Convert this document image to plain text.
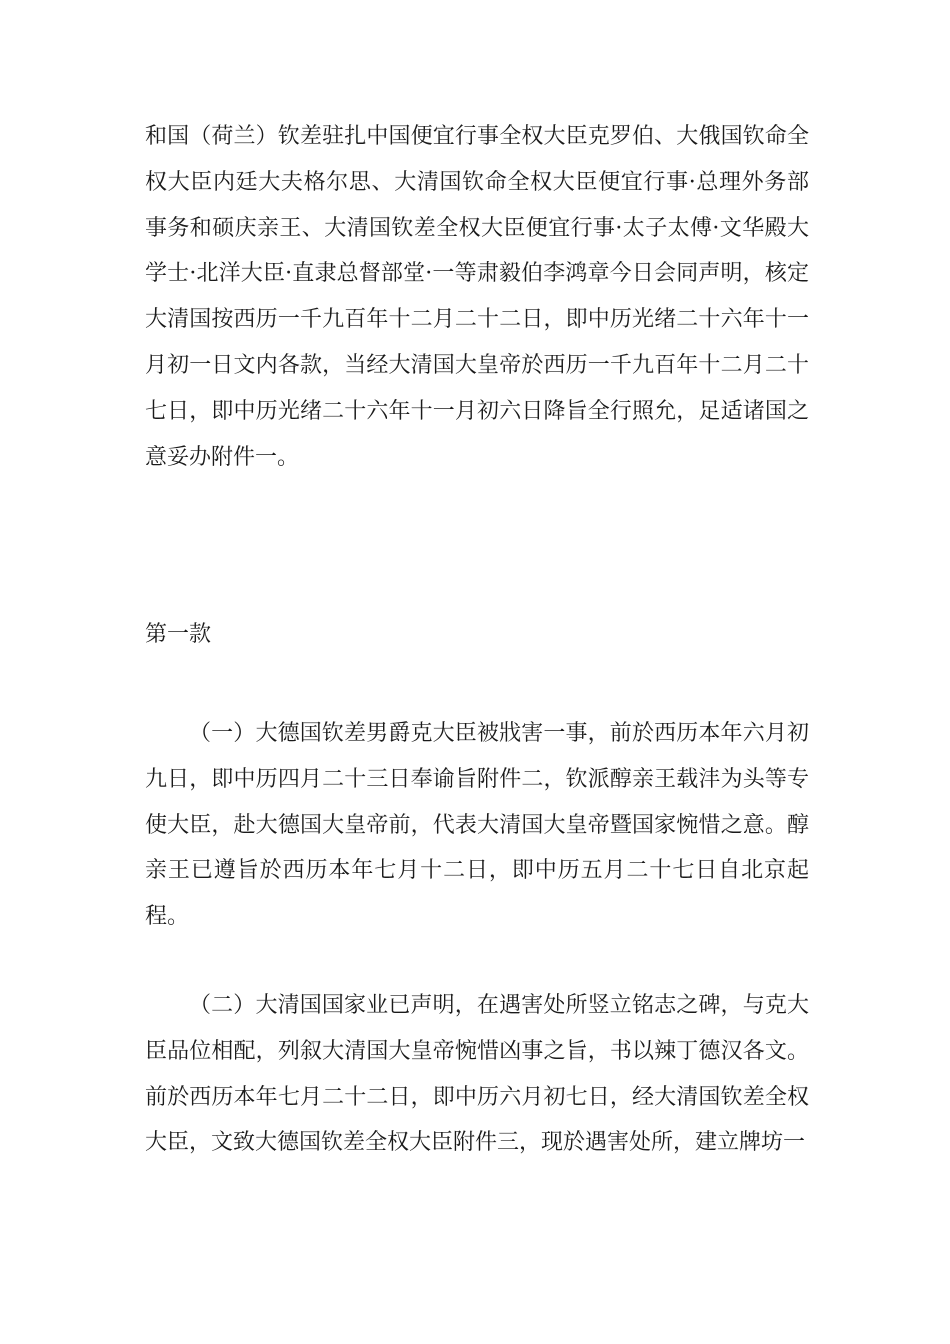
和国（荷兰）钦差驻扎中国便宜行事全权大臣克罗伯、大俄国钦命全权大臣内廷大夫格尔思、大清国钦命全权大臣便宜行事·总理外务部事务和硕庆亲王、大清国钦差全权大臣便宜行事·太子太傅·文华殿大学士·北洋大臣·直隶总督部堂·一等肃毅伯李鸿章今日会同声明，核定大清国按西历一千九百年十二月二十二日，即中历光绪二十六年十一月初一日文内各款，当经大清国大皇帝於西历一千九百年十二月二十七日，即中历光绪二十六年十一月初六日降旨全行照允，足适诸国之意妥办附件一。

第一款

（一）大德国钦差男爵克大臣被戕害一事，前於西历本年六月初九日，即中历四月二十三日奉谕旨附件二，钦派醇亲王载沣为头等专使大臣，赴大德国大皇帝前，代表大清国大皇帝暨国家惋惜之意。醇亲王已遵旨於西历本年七月十二日，即中历五月二十七日自北京起程。

（二）大清国国家业已声明，在遇害处所竖立铭志之碑，与克大臣品位相配，列叙大清国大皇帝惋惜凶事之旨，书以辣丁德汉各文。前於西历本年七月二十二日，即中历六月初七日，经大清国钦差全权大臣，文致大德国钦差全权大臣附件三，现於遇害处所，建立牌坊一
